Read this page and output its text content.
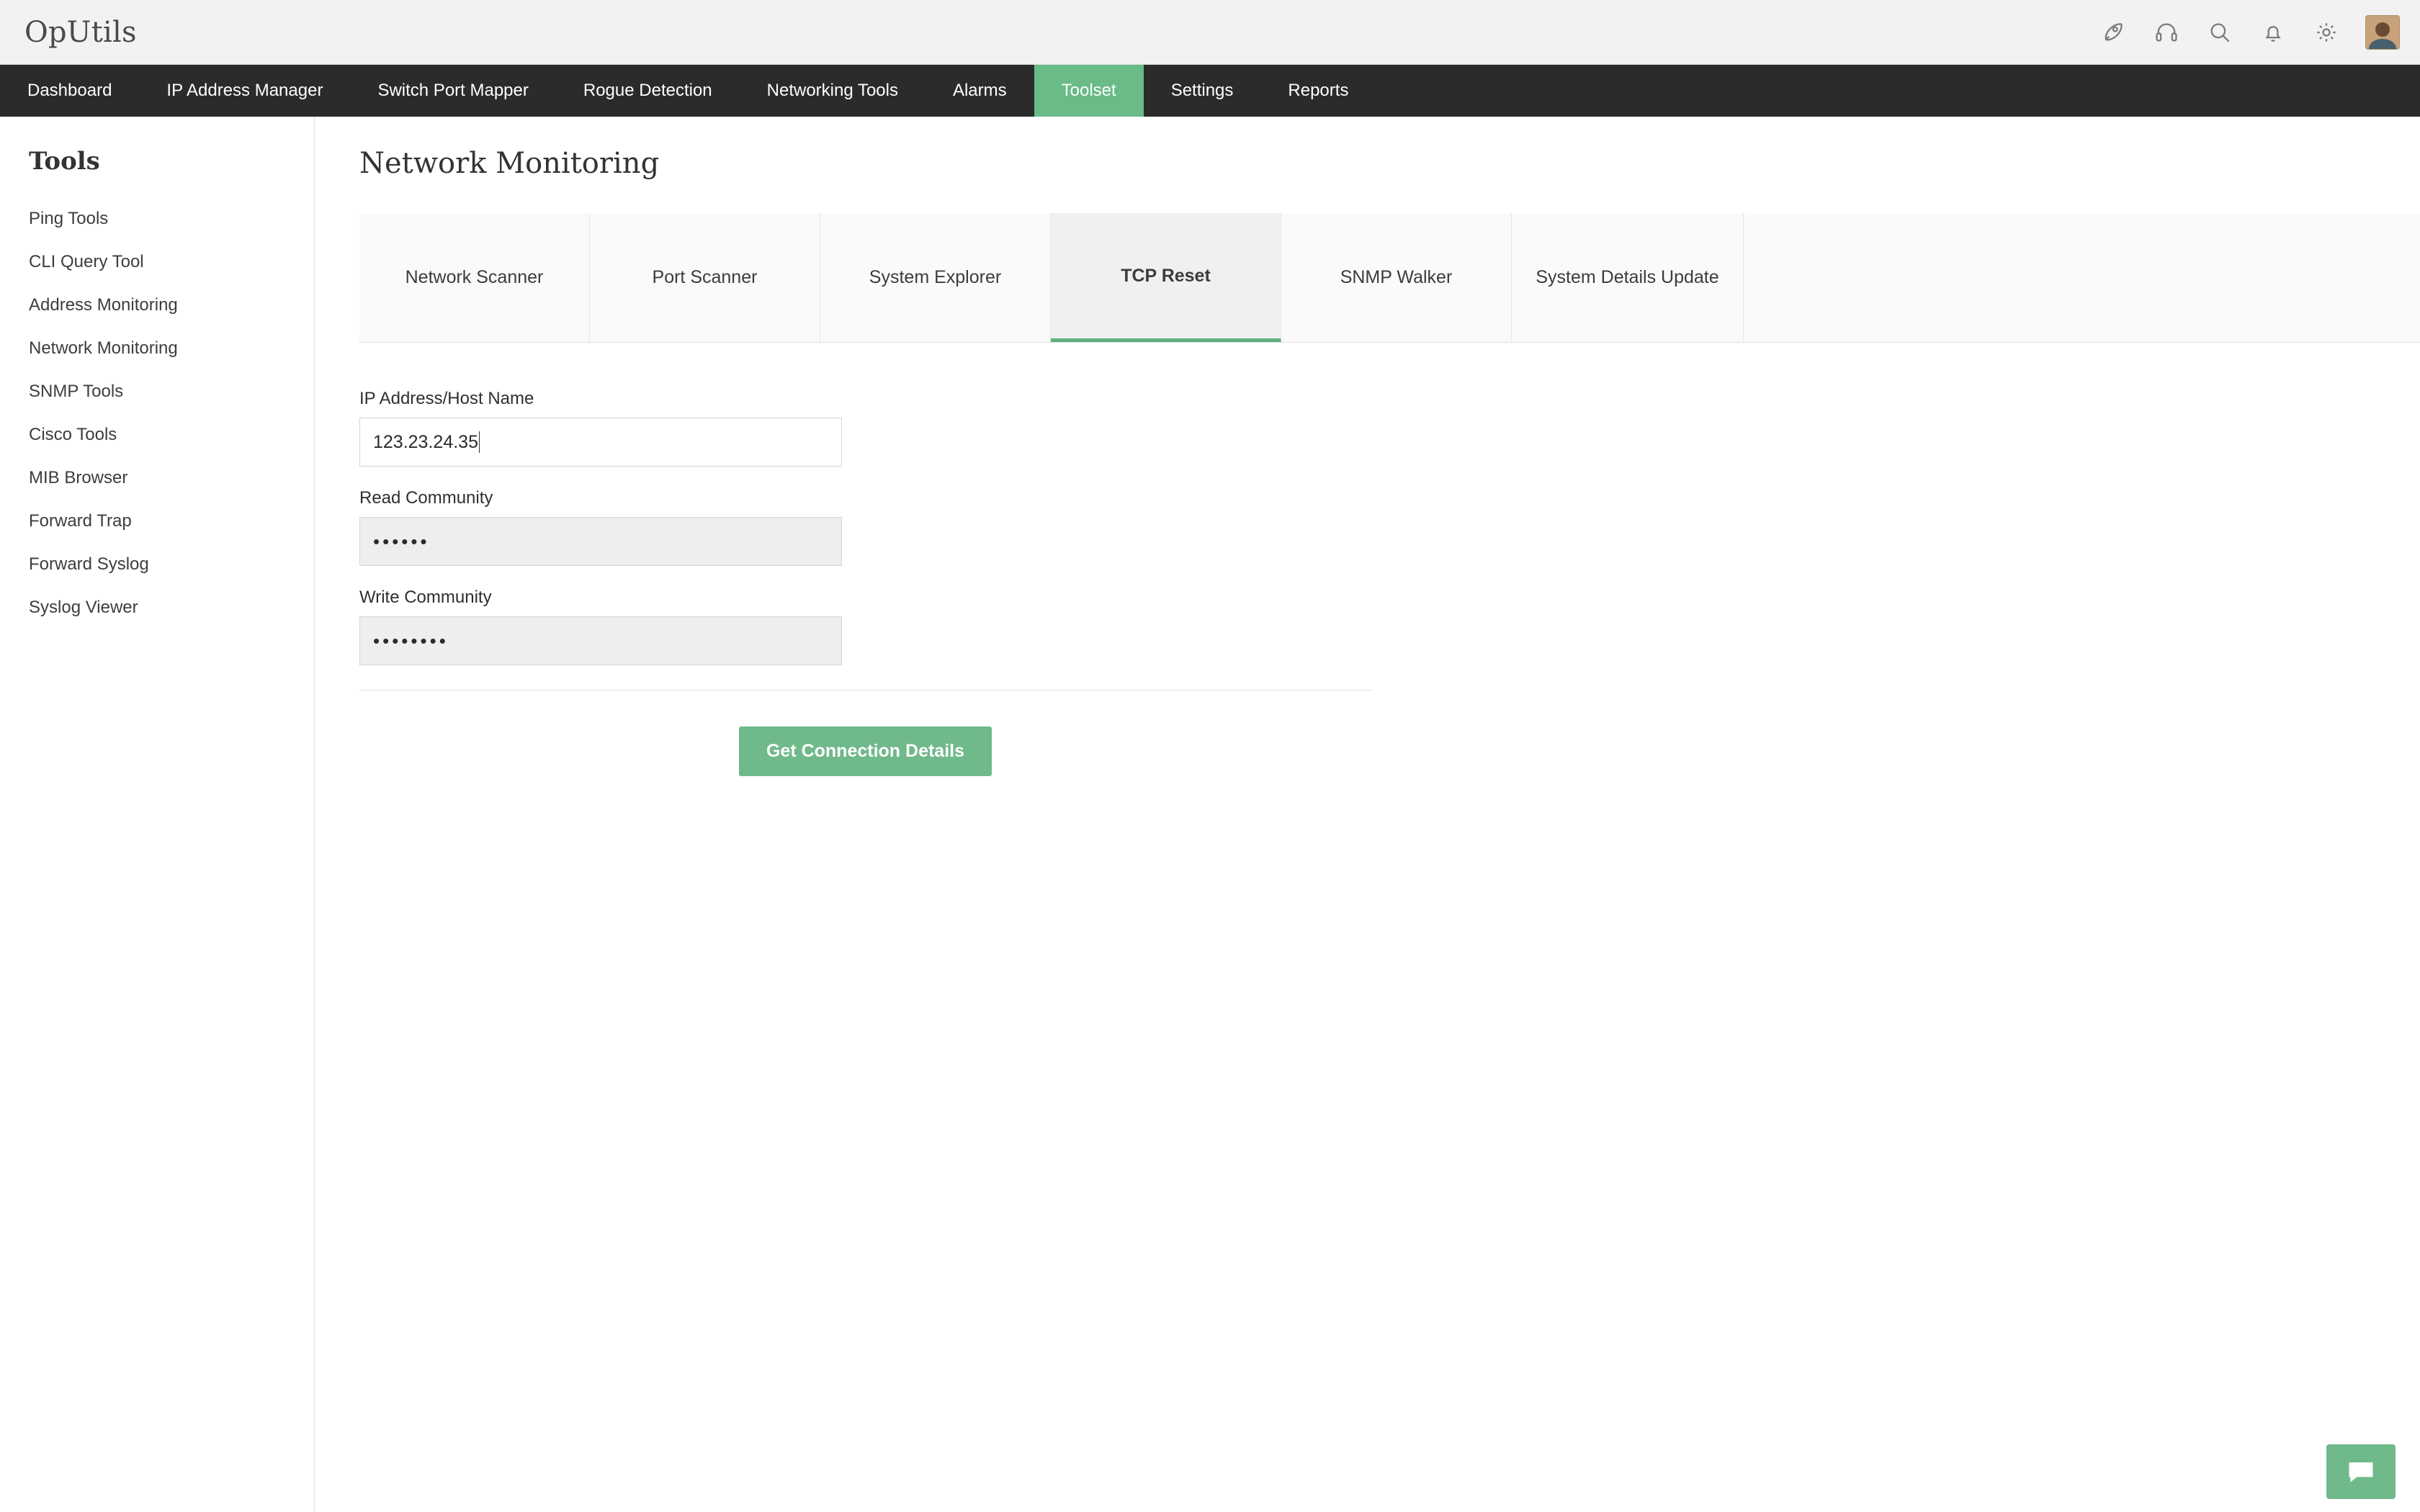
OpUtils
Dashboard	IP Address Manager	Switch Port Mapper	Rogue Detection	Networking Tools	Alarms	Toolset	Settings	Reports
Tools
Ping Tools
CLI Query Tool
Address Monitoring
Network Monitoring
SNMP Tools
Cisco Tools
MIB Browser
Forward Trap
Forward Syslog
Syslog Viewer
Network Monitoring
Network Scanner	Port Scanner	System Explorer	TCP Reset	SNMP Walker	System Details Update
IP Address/Host Name
123.23.24.35
Read Community
••••••
Write Community
••••••••
Get Connection Details
